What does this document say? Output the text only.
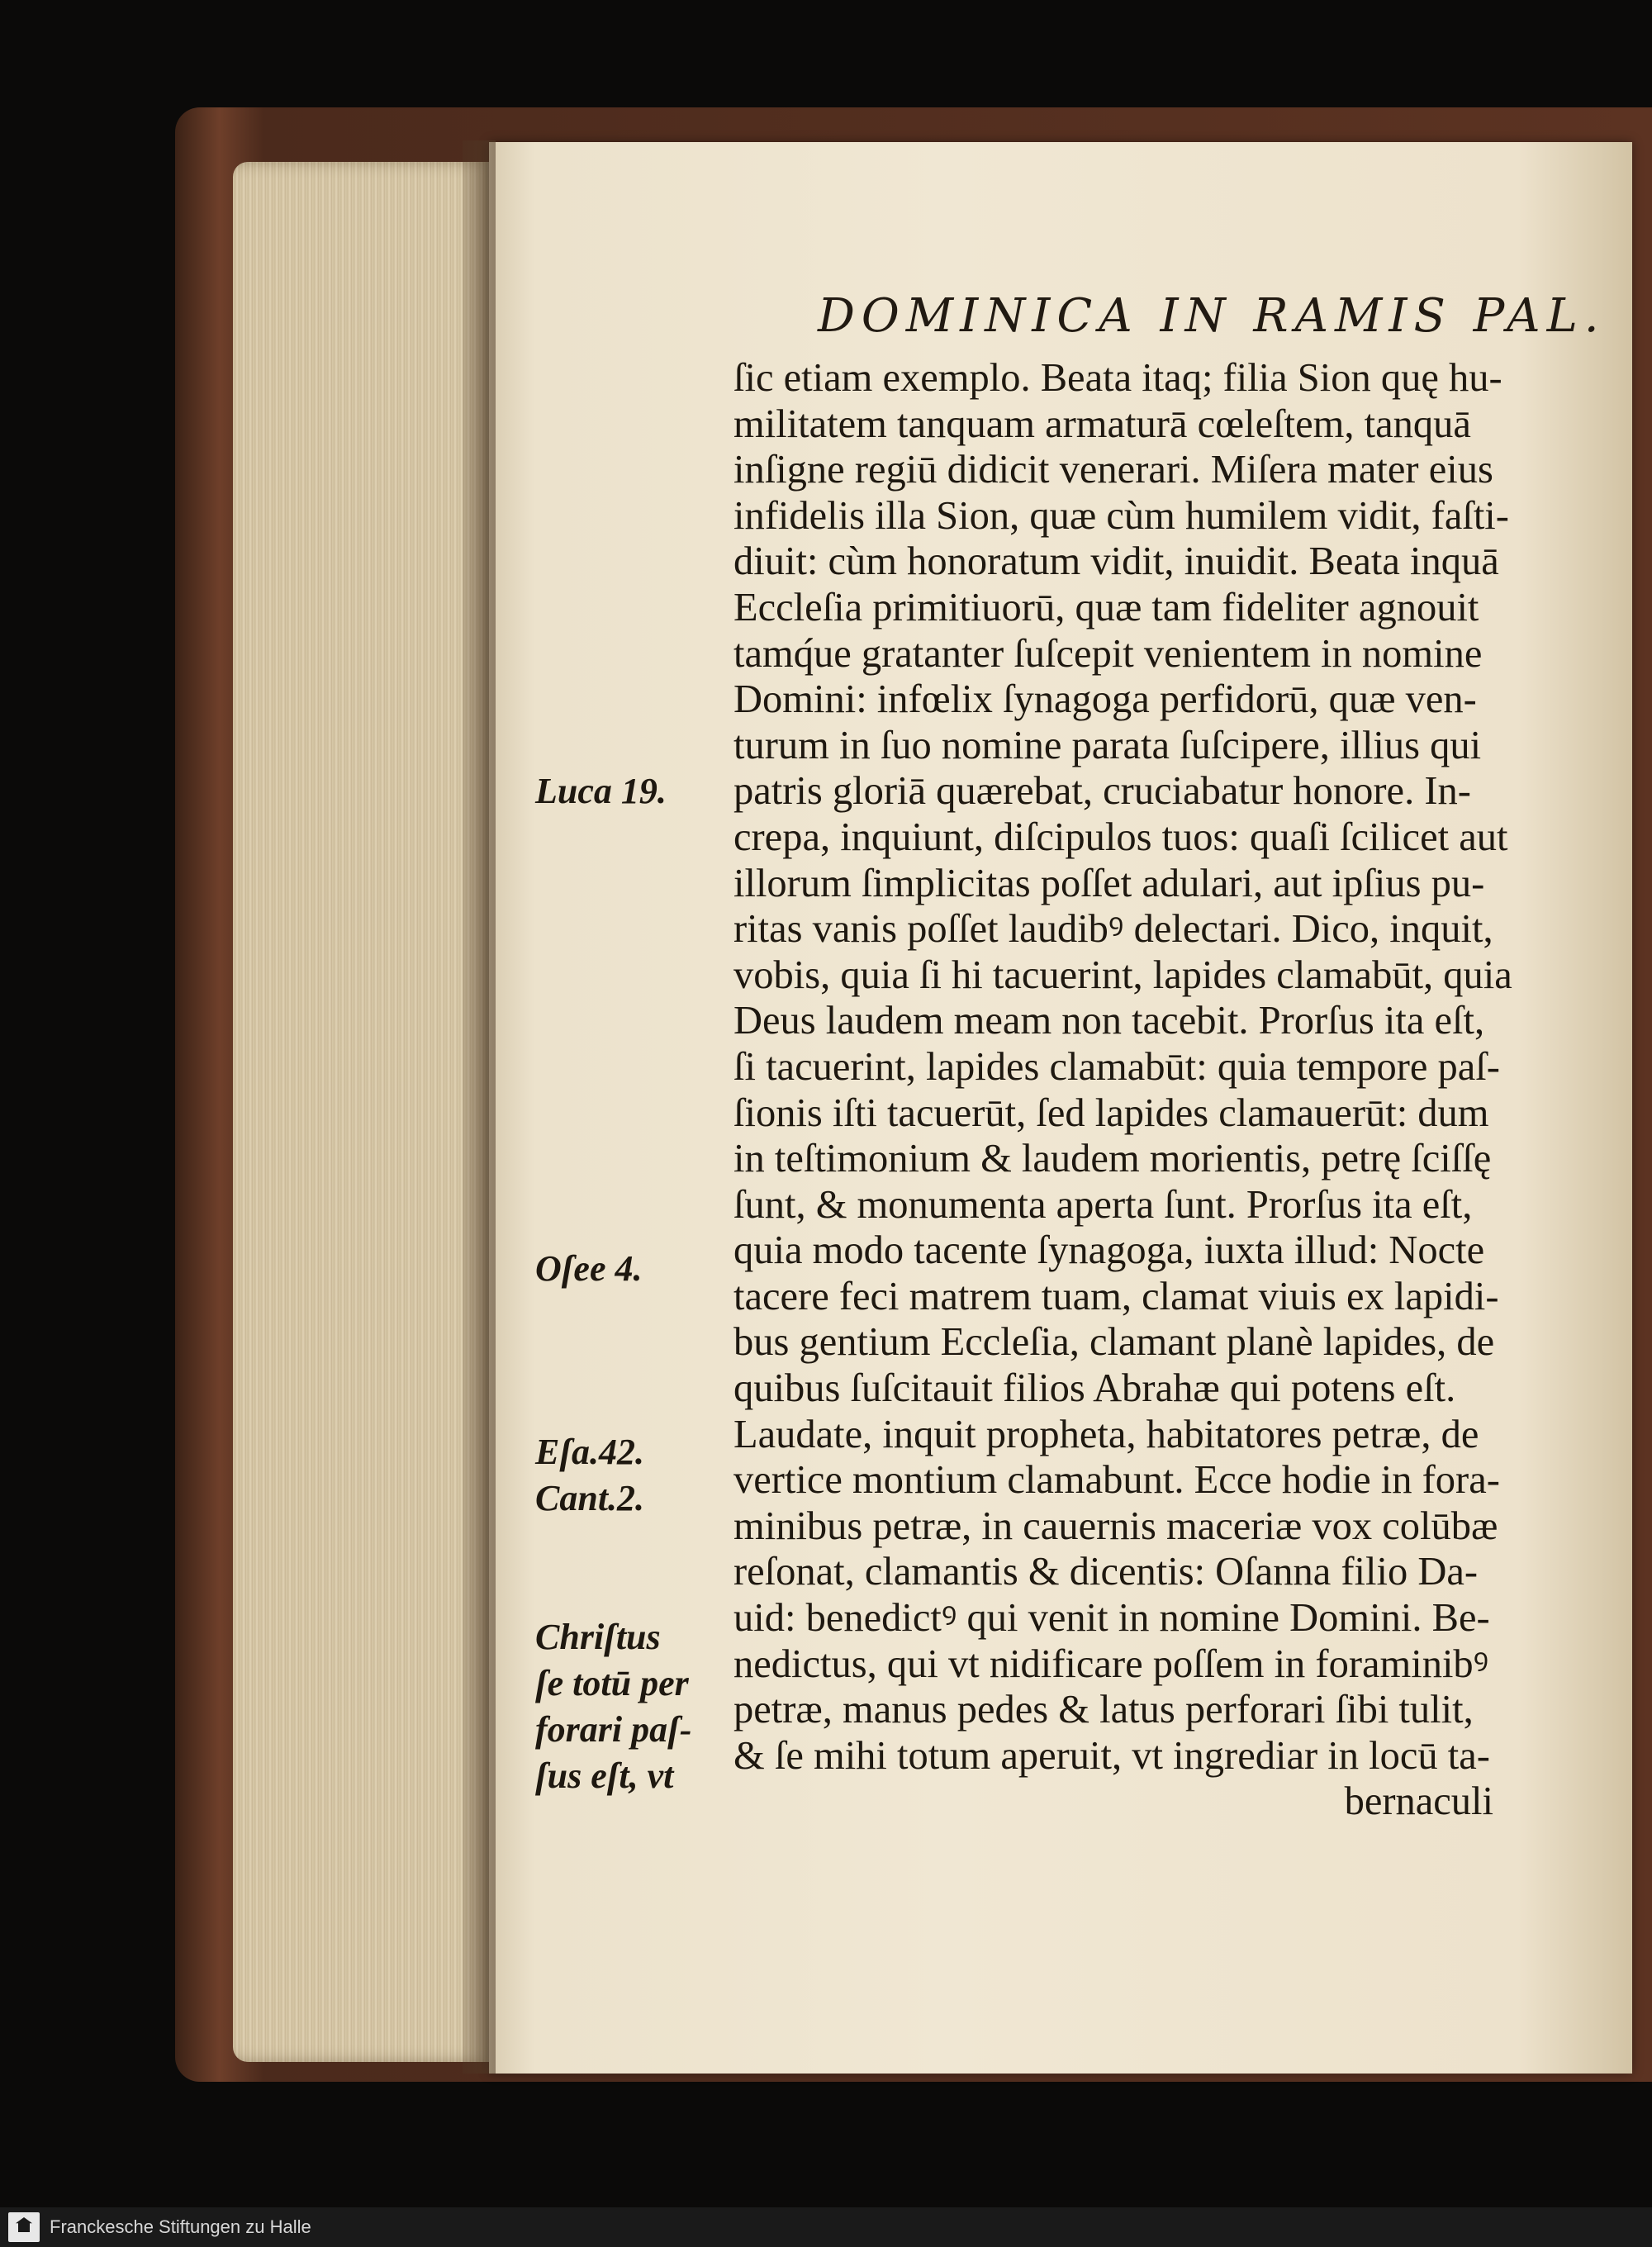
DOMINICA IN RAMIS PAL.
ſic etiam exemplo. Beata itaq; filia Sion quę hu-
militatem tanquam armaturā cœleſtem, tanquā
inſigne regiū didicit venerari. Miſera mater eius
infidelis illa Sion, quæ cùm humilem vidit, faſti-
diuit: cùm honoratum vidit, inuidit. Beata inquā
Eccleſia primitiuorū, quæ tam fideliter agnouit
tamq́ue gratanter ſuſcepit venientem in nomine
Domini: infœlix ſynagoga perfidorū, quæ ven-
turum in ſuo nomine parata ſuſcipere, illius qui
patris gloriā quærebat, cruciabatur honore. In-
crepa, inquiunt, diſcipulos tuos: quaſi ſcilicet aut
illorum ſimplicitas poſſet adulari, aut ipſius pu-
ritas vanis poſſet laudibꝰ delectari. Dico, inquit,
vobis, quia ſi hi tacuerint, lapides clamabūt, quia
Deus laudem meam non tacebit. Prorſus ita eſt,
ſi tacuerint, lapides clamabūt: quia tempore paſ-
ſionis iſti tacuerūt, ſed lapides clamauerūt: dum
in teſtimonium & laudem morientis, petrę ſciſſę
ſunt, & monumenta aperta ſunt. Prorſus ita eſt,
quia modo tacente ſynagoga, iuxta illud: Nocte
tacere feci matrem tuam, clamat viuis ex lapidi-
bus gentium Eccleſia, clamant planè lapides, de
quibus ſuſcitauit filios Abrahæ qui potens eſt.
Laudate, inquit propheta, habitatores petræ, de
vertice montium clamabunt. Ecce hodie in fora-
minibus petræ, in cauernis maceriæ vox colūbæ
reſonat, clamantis & dicentis: Oſanna filio Da-
uid: benedictꝰ qui venit in nomine Domini. Be-
nedictus, qui vt nidificare poſſem in foraminibꝰ
petræ, manus pedes & latus perforari ſibi tulit,
& ſe mihi totum aperuit, vt ingrediar in locū ta-
bernaculi
Luca 19.
Oſee 4.
Eſa.42.
Cant.2.
Chriſtus
ſe totū per
forari paſ-
ſus eſt, vt
Franckesche Stiftungen zu Halle
